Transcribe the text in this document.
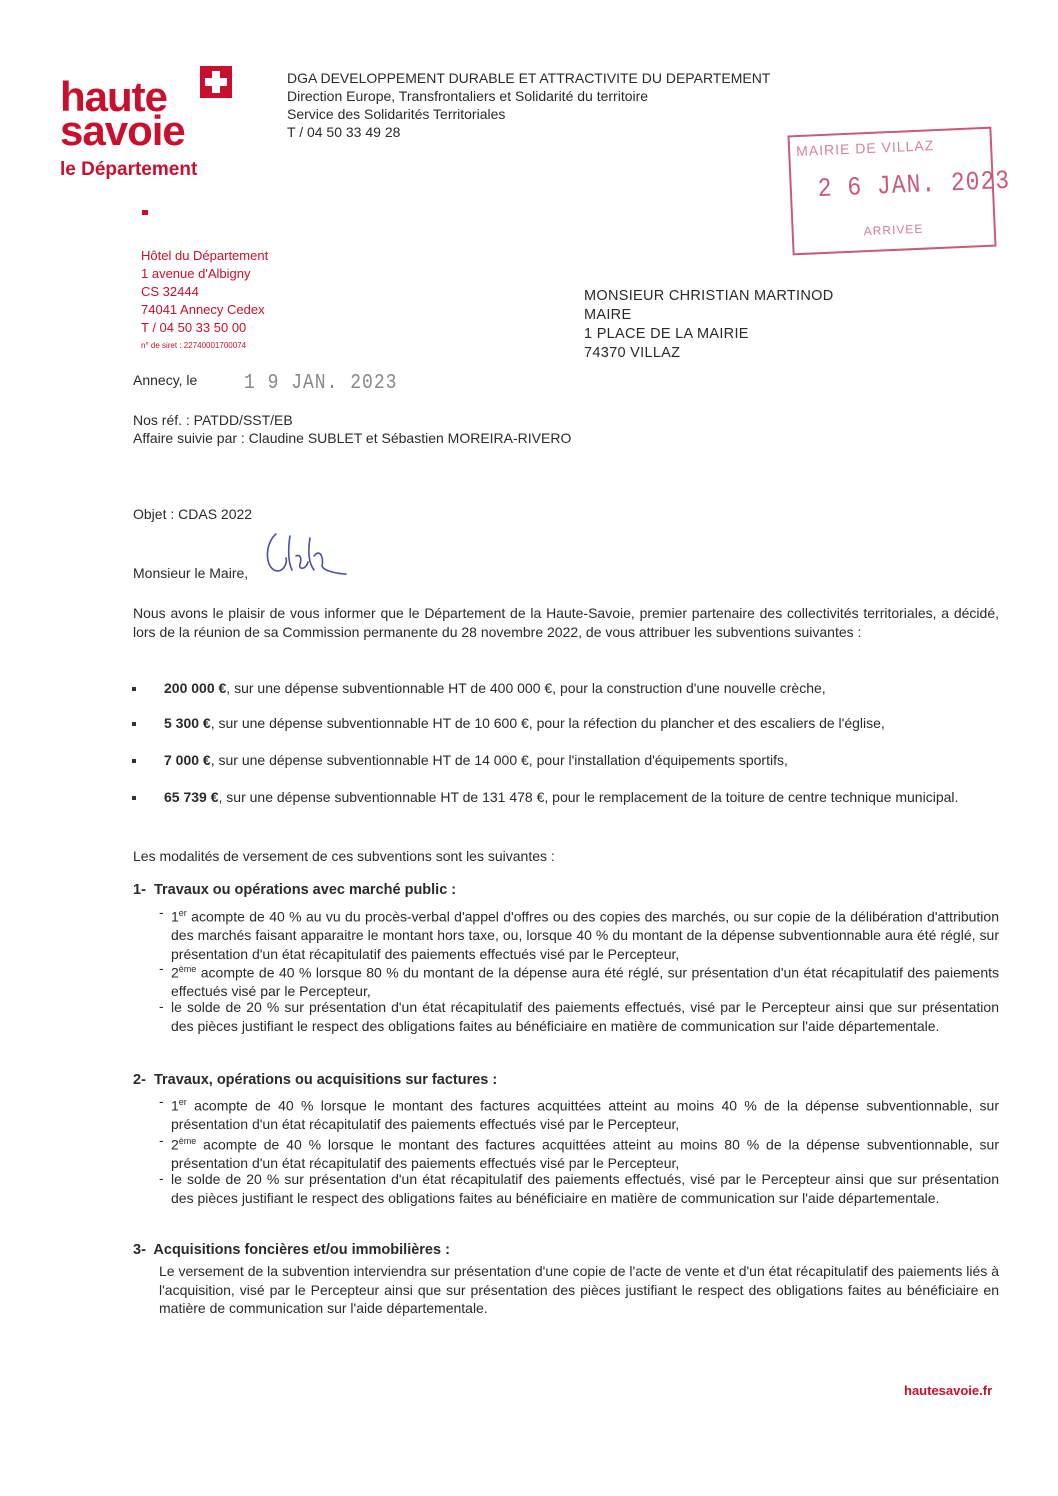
haute
savoie
le Département
DGA DEVELOPPEMENT DURABLE ET ATTRACTIVITE DU DEPARTEMENT
Direction Europe, Transfrontaliers et Solidarité du territoire
Service des Solidarités Territoriales
T / 04 50 33 49 28
MAIRIE DE VILLAZ
2 6 JAN. 2023
ARRIVEE
Hôtel du Département
1 avenue d'Albigny
CS 32444
74041 Annecy Cedex
T / 04 50 33 50 00
n° de siret : 22740001700074
MONSIEUR CHRISTIAN MARTINOD
MAIRE
1 PLACE DE LA MAIRIE
74370 VILLAZ
Annecy, le	1 9 JAN. 2023
Nos réf. : PATDD/SST/EB
Affaire suivie par : Claudine SUBLET et Sébastien MOREIRA-RIVERO
Objet : CDAS 2022
Monsieur le Maire,
Nous avons le plaisir de vous informer que le Département de la Haute-Savoie, premier partenaire des collectivités territoriales, a décidé, lors de la réunion de sa Commission permanente du 28 novembre 2022, de vous attribuer les subventions suivantes :
200 000 €, sur une dépense subventionnable HT de 400 000 €, pour la construction d'une nouvelle crèche,
5 300 €, sur une dépense subventionnable HT de 10 600 €, pour la réfection du plancher et des escaliers de l'église,
7 000 €, sur une dépense subventionnable HT de 14 000 €, pour l'installation d'équipements sportifs,
65 739 €, sur une dépense subventionnable HT de 131 478 €, pour le remplacement de la toiture de centre technique municipal.
Les modalités de versement de ces subventions sont les suivantes :
1-  Travaux ou opérations avec marché public :
- 1er acompte de 40 % au vu du procès-verbal d'appel d'offres ou des copies des marchés, ou sur copie de la délibération d'attribution des marchés faisant apparaitre le montant hors taxe, ou, lorsque 40 % du montant de la dépense subventionnable aura été réglé, sur présentation d'un état récapitulatif des paiements effectués visé par le Percepteur,
- 2ème acompte de 40 % lorsque 80 % du montant de la dépense aura été réglé, sur présentation d'un état récapitulatif des paiements effectués visé par le Percepteur,
- le solde de 20 % sur présentation d'un état récapitulatif des paiements effectués, visé par le Percepteur ainsi que sur présentation des pièces justifiant le respect des obligations faites au bénéficiaire en matière de communication sur l'aide départementale.
2-  Travaux, opérations ou acquisitions sur factures :
- 1er acompte de 40 % lorsque le montant des factures acquittées atteint au moins 40 % de la dépense subventionnable, sur présentation d'un état récapitulatif des paiements effectués visé par le Percepteur,
- 2ème acompte de 40 % lorsque le montant des factures acquittées atteint au moins 80 % de la dépense subventionnable, sur présentation d'un état récapitulatif des paiements effectués visé par le Percepteur,
- le solde de 20 % sur présentation d'un état récapitulatif des paiements effectués, visé par le Percepteur ainsi que sur présentation des pièces justifiant le respect des obligations faites au bénéficiaire en matière de communication sur l'aide départementale.
3-  Acquisitions foncières et/ou immobilières :
Le versement de la subvention interviendra sur présentation d'une copie de l'acte de vente et d'un état récapitulatif des paiements liés à l'acquisition, visé par le Percepteur ainsi que sur présentation des pièces justifiant le respect des obligations faites au bénéficiaire en matière de communication sur l'aide départementale.
hautesavoie.fr
